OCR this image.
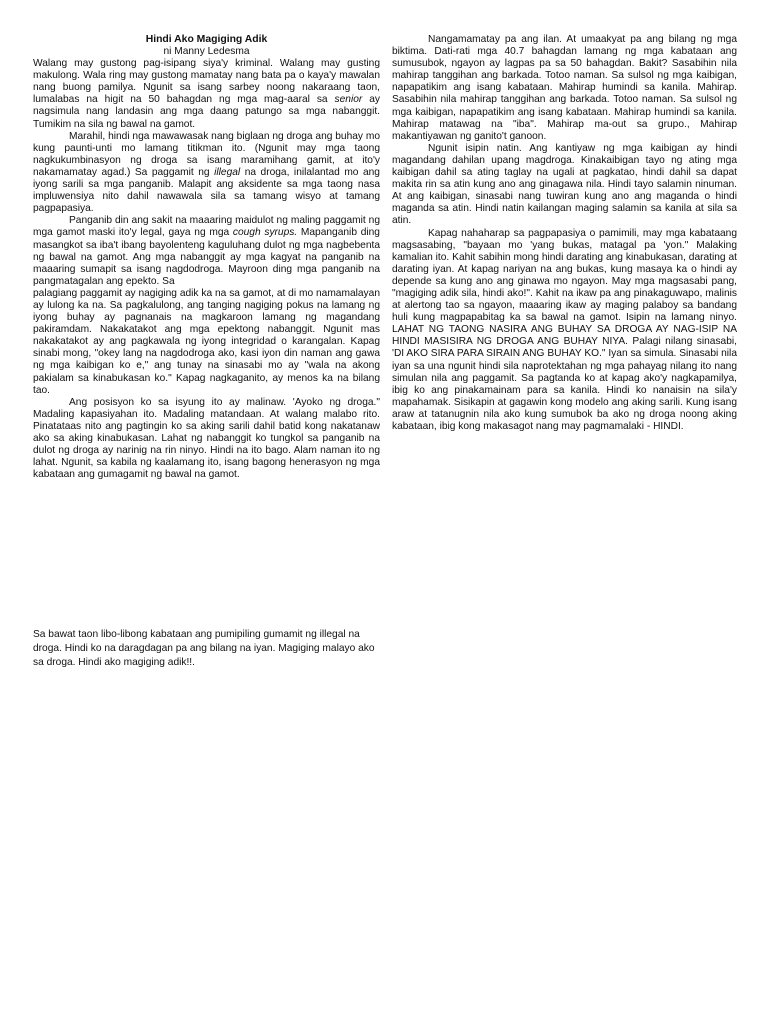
Hindi Ako Magiging Adik

ni Manny Ledesma

Walang may gustong pag-isipang siya'y kriminal. Walang may gusting makulong. Wala ring may gustong mamatay nang bata pa o kaya'y mawalan nang buong pamilya. Ngunit sa isang sarbey noong nakaraang taon, lumalabas na higit na 50 bahagdan ng mga mag-aaral sa senior ay nagsimula nang landasin ang mga daang patungo sa mga nabanggit. Tumikim na sila ng bawal na gamot.

Marahil, hindi nga mawawasak nang biglaan ng droga ang buhay mo kung paunti-unti mo lamang titikman ito. (Ngunit may mga taong nagkukumbinasyon ng droga sa isang maramihang gamit, at ito'y nakamamatay agad.) Sa paggamit ng illegal na droga, inilalantad mo ang iyong sarili sa mga panganib. Malapit ang aksidente sa mga taong nasa impluwensiya nito dahil nawawala sila sa tamang wisyo at tamang pagpapasiya.

Panganib din ang sakit na maaaring maidulot ng maling paggamit ng mga gamot maski ito'y legal, gaya ng mga cough syrups. Mapanganib ding masangkot sa iba't ibang bayolenteng kaguluhang dulot ng mga nagbebenta ng bawal na gamot. Ang mga nabanggit ay mga kagyat na panganib na maaaring sumapit sa isang nagdodroga. Mayroon ding mga panganib na pangmatagalan ang epekto. Sa

palagiang paggamit ay nagiging adik ka na sa gamot, at di mo namamalayan ay lulong ka na. Sa pagkalulong, ang tanging nagiging pokus na lamang ng iyong buhay ay pagnanais na magkaroon lamang ng magandang pakiramdam. Nakakatakot ang mga epektong nabanggit. Ngunit mas nakakatakot ay ang pagkawala ng iyong integridad o karangalan. Kapag sinabi mong, "okey lang na nagdodroga ako, kasi iyon din naman ang gawa ng mga kaibigan ko e," ang tunay na sinasabi mo ay "wala na akong pakialam sa kinabukasan ko." Kapag nagkaganito, ay menos ka na bilang tao.

Ang posisyon ko sa isyung ito ay malinaw. 'Ayoko ng droga." Madaling kapasiyahan ito. Madaling matandaan. At walang malabo rito. Pinatataas nito ang pagtingin ko sa aking sarili dahil batid kong nakatanaw ako sa aking kinabukasan. Lahat ng nabanggit ko tungkol sa panganib na dulot ng droga ay narinig na rin ninyo. Hindi na ito bago. Alam naman ito ng lahat. Ngunit, sa kabila ng kaalamang ito, isang bagong henerasyon ng mga kabataan ang gumagamit ng bawal na gamot.

Nangamamatay pa ang ilan. At umaakyat pa ang bilang ng mga biktima. Dati-rati mga 40.7 bahagdan lamang ng mga kabataan ang sumusubok, ngayon ay lagpas pa sa 50 bahagdan. Bakit? Sasabihin nila mahirap tanggihan ang barkada. Totoo naman. Sa sulsol ng mga kaibigan, napapatikim ang isang kabataan. Mahirap humindi sa kanila. Mahirap. Sasabihin nila mahirap tanggihan ang barkada. Totoo naman. Sa sulsol ng mga kaibigan, napapatikim ang isang kabataan. Mahirap humindi sa kanila. Mahirap matawag na "iba". Mahirap ma-out sa grupo., Mahirap makantiyawan ng ganito't ganoon.

Ngunit isipin natin. Ang kantiyaw ng mga kaibigan ay hindi magandang dahilan upang magdroga. Kinakaibigan tayo ng ating mga kaibigan dahil sa ating taglay na ugali at pagkatao, hindi dahil sa dapat makita rin sa atin kung ano ang ginagawa nila. Hindi tayo salamin ninuman. At ang kaibigan, sinasabi nang tuwiran kung ano ang maganda o hindi maganda sa atin. Hindi natin kailangan maging salamin sa kanila at sila sa atin.

Kapag nahaharap sa pagpapasiya o pamimili, may mga kabataang magsasabing, "bayaan mo 'yang bukas, matagal pa 'yon." Malaking kamalian ito. Kahit sabihin mong hindi darating ang kinabukasan, darating at darating iyan. At kapag nariyan na ang bukas, kung masaya ka o hindi ay depende sa kung ano ang ginawa mo ngayon. May mga magsasabi pang, "magiging adik sila, hindi ako!". Kahit na ikaw pa ang pinakaguwapo, malinis at alertong tao sa ngayon, maaaring ikaw ay maging palaboy sa bandang huli kung magpapabitag ka sa bawal na gamot. Isipin na lamang ninyo. LAHAT NG TAONG NASIRA ANG BUHAY SA DROGA AY NAG-ISIP NA HINDI MASISIRA NG DROGA ANG BUHAY NIYA. Palagi nilang sinasabi, 'DI AKO SIRA PARA SIRAIN ANG BUHAY KO." Iyan sa simula. Sinasabi nila iyan sa una ngunit hindi sila naprotektahan ng mga pahayag nilang ito nang simulan nila ang paggamit. Sa pagtanda ko at kapag ako'y nagkapamilya, ibig ko ang pinakamainam para sa kanila. Hindi ko nanaisin na sila'y mapahamak. Sisikapin at gagawin kong modelo ang aking sarili. Kung isang araw at tatanugnin nila ako kung sumubok ba ako ng droga noong aking kabataan, ibig kong makasagot nang may pagmamalaki - HINDI.

Sa bawat taon libo-libong kabataan ang pumipiling gumamit ng illegal na droga. Hindi ko na daragdagan pa ang bilang na iyan. Magiging malayo ako sa droga. Hindi ako magiging adik!!.
